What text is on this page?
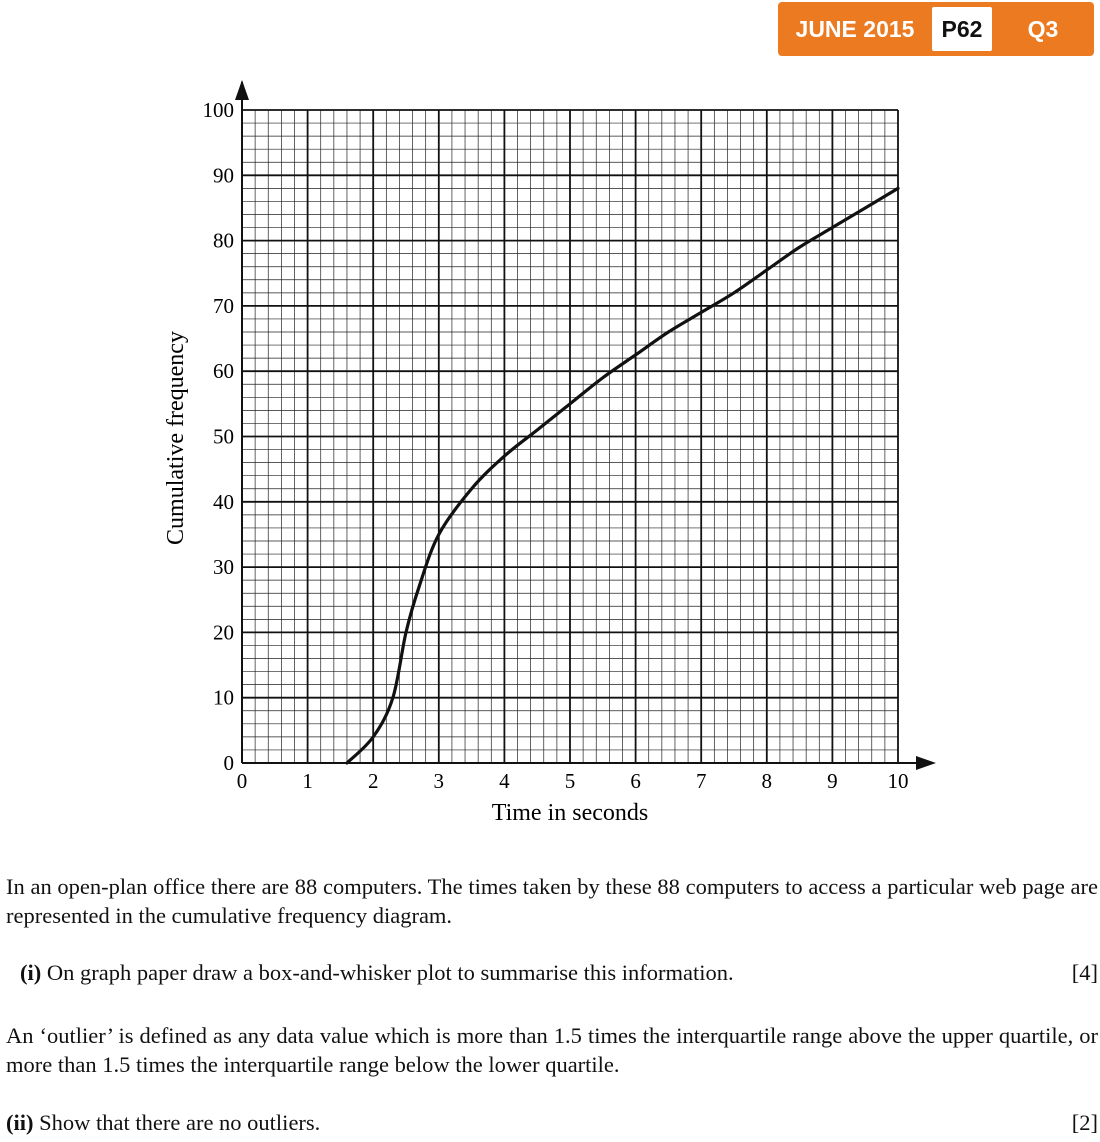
JUNE 2015	P62	Q3
0	1	2	3	4	5	6	7	8	9 10
0
10
20
30
40
50
60
70
80
90
100
Time in seconds
Cumulative frequency
In an open-plan office there are 88 computers. The times taken by these 88 computers to access a particular web page are represented in the cumulative frequency diagram.
(i) On graph paper draw a box-and-whisker plot to summarise this information.	[4]
An ‘outlier’ is defined as any data value which is more than 1.5 times the interquartile range above the upper quartile, or more than 1.5 times the interquartile range below the lower quartile.
(ii) Show that there are no outliers.	[2]
